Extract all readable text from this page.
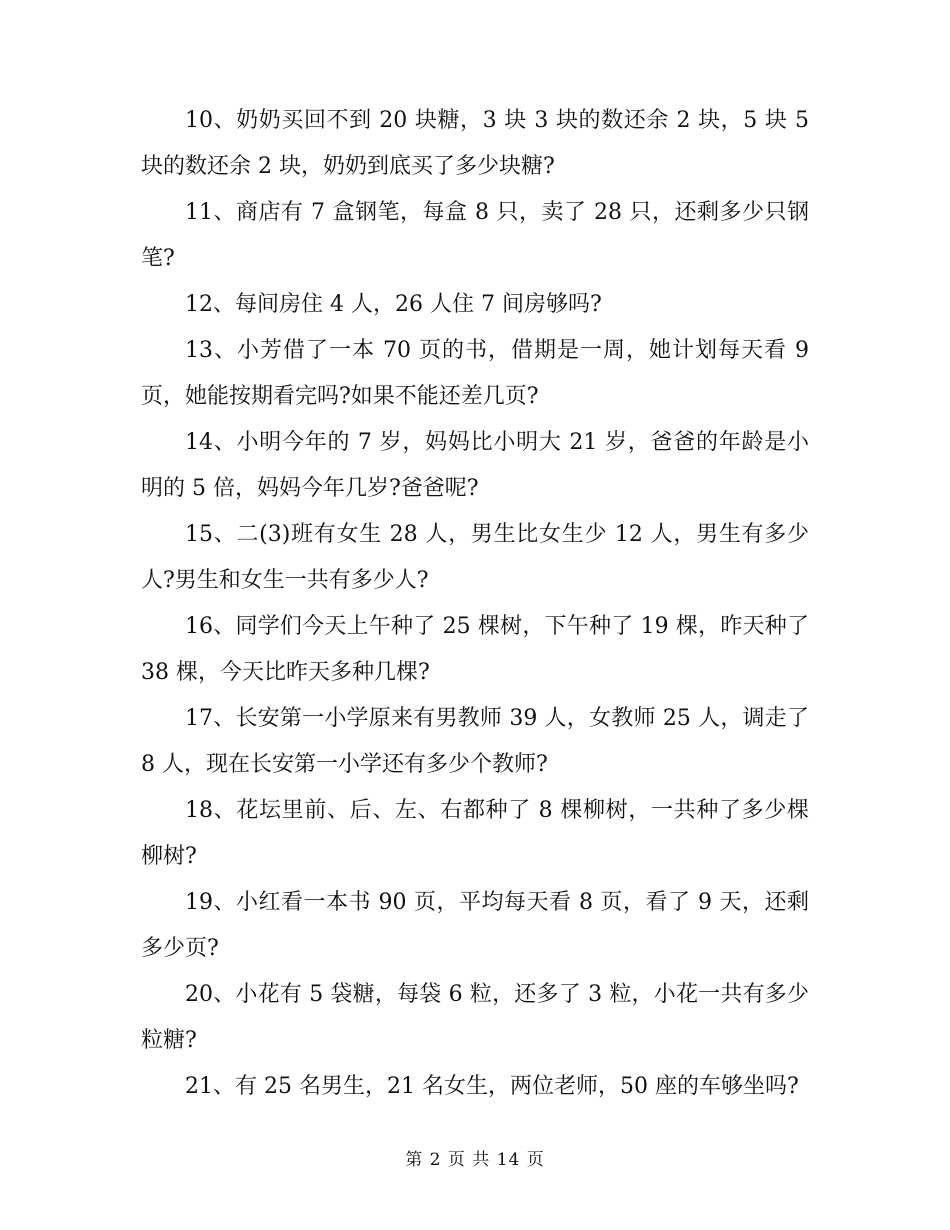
10、奶奶买回不到 20 块糖，3 块 3 块的数还余 2 块，5 块 5 块的数还余 2 块，奶奶到底买了多少块糖?

11、商店有 7 盒钢笔，每盒 8 只，卖了 28 只，还剩多少只钢笔?

12、每间房住 4 人，26 人住 7 间房够吗?

13、小芳借了一本 70 页的书，借期是一周，她计划每天看 9 页，她能按期看完吗?如果不能还差几页?

14、小明今年的 7 岁，妈妈比小明大 21 岁，爸爸的年龄是小明的 5 倍，妈妈今年几岁?爸爸呢?

15、二(3)班有女生 28 人，男生比女生少 12 人，男生有多少人?男生和女生一共有多少人?

16、同学们今天上午种了 25 棵树，下午种了 19 棵，昨天种了 38 棵，今天比昨天多种几棵?

17、长安第一小学原来有男教师 39 人，女教师 25 人，调走了 8 人，现在长安第一小学还有多少个教师?

18、花坛里前、后、左、右都种了 8 棵柳树，一共种了多少棵柳树?

19、小红看一本书 90 页，平均每天看 8 页，看了 9 天，还剩多少页?

20、小花有 5 袋糖，每袋 6 粒，还多了 3 粒，小花一共有多少粒糖?

21、有 25 名男生，21 名女生，两位老师，50 座的车够坐吗?

第 2 页 共 14 页
